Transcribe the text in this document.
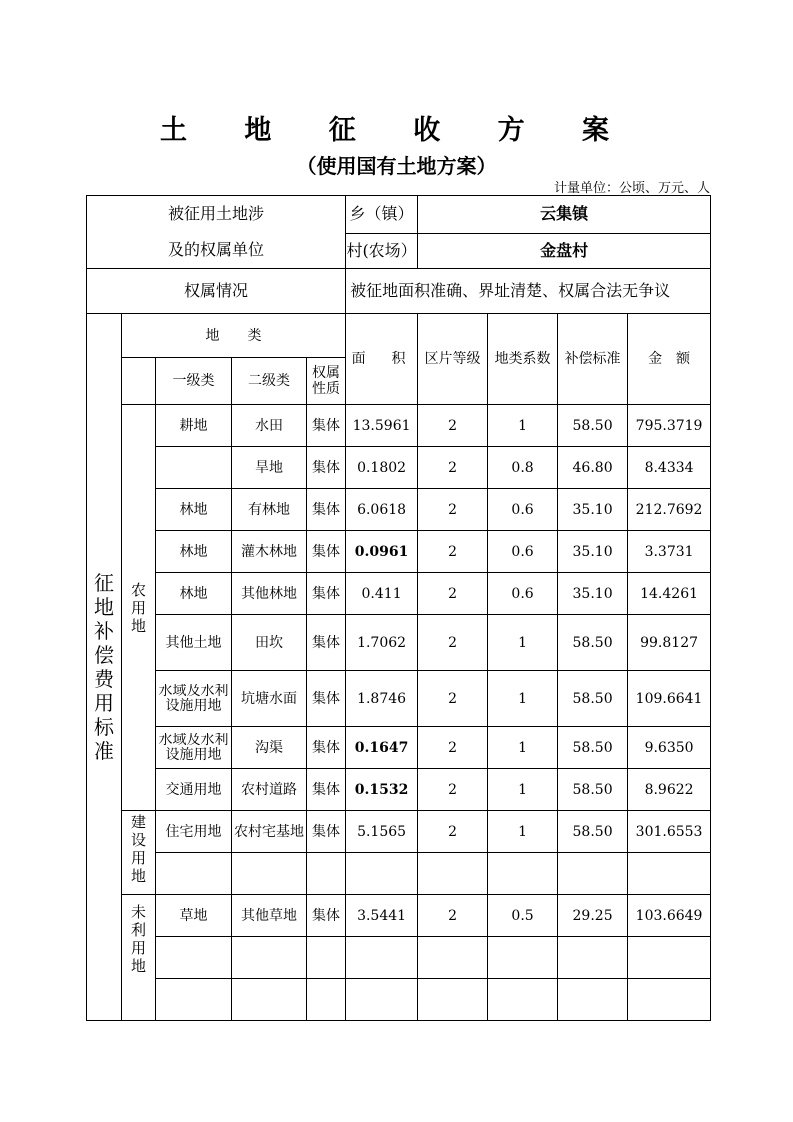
土 地 征 收 方 案
（使用国有土地方案）
计量单位：公顷、万元、人
被征用土地涉
及的权属单位					乡（镇）	云集镇			
					村(农场）	金盘村			
权属情况					被征地面积准确、界址清楚、权属合法无争议				
征地补偿费用标准	地　　类				面　积	区片等级	地类系数	补偿标准	金　额
		一级类	二级类	权属性质					
	农用地	耕地	水田	集体	13.5961	2	1	58.50	795.3719
			旱地	集体	0.1802	2	0.8	46.80	8.4334
		林地	有林地	集体	6.0618	2	0.6	35.10	212.7692
		林地	灌木林地	集体	0.0961	2	0.6	35.10	3.3731
		林地	其他林地	集体	0.411	2	0.6	35.10	14.4261
		其他土地	田坎	集体	1.7062	2	1	58.50	99.8127

		水域及水利设施用地	坑塘水面	集体	1.8746	2	1	58.50	109.6641

		水域及水利设施用地	沟渠	集体	0.1647	2	1	58.50	9.6350
		交通用地	农村道路	集体	0.1532	2	1	58.50	8.9622
	建设用地	住宅用地	农村宅基地	集体	5.1565	2	1	58.50	301.6553

	未利用地	草地	其他草地	集体	3.5441	2	0.5	29.25	103.6649
